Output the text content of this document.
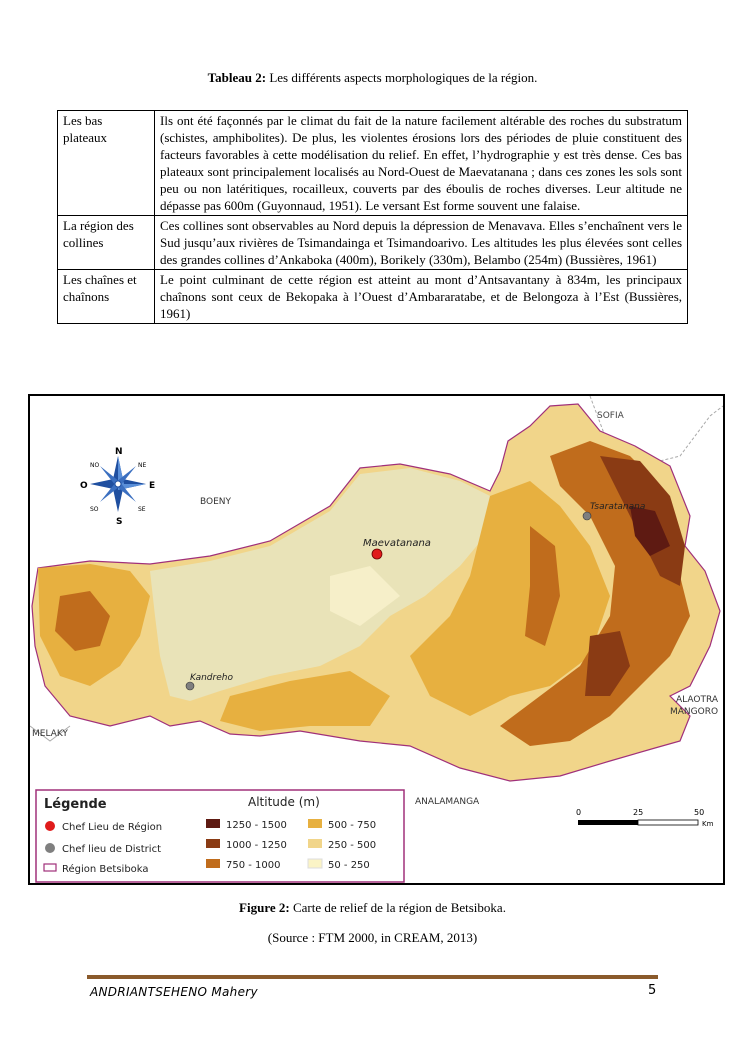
Tableau 2: Les différents aspects morphologiques de la région.
Les bas plateaux	Ils ont été façonnés par le climat du fait de la nature facilement altérable des roches du substratum (schistes, amphibolites). De plus, les violentes érosions lors des périodes de pluie constituent des facteurs favorables à cette modélisation du relief. En effet, l’hydrographie y est très dense. Ces bas plateaux sont principalement localisés au Nord-Ouest de Maevatanana ; dans ces zones les sols sont peu ou non latéritiques, rocailleux, couverts par des éboulis de roches diverses. Leur altitude ne dépasse pas 600m (Guyonnaud, 1951). Le versant Est forme souvent une falaise.
La région des collines	Ces collines sont observables au Nord depuis la dépression de Menavava. Elles s’enchaînent vers le Sud jusqu’aux rivières de Tsimandainga et Tsimandoarivo. Les altitudes les plus élevées sont celles des grandes collines d’Ankaboka (400m), Borikely (330m), Belambo (254m) (Bussières, 1961)
Les chaînes et chaînons	Le point culminant de cette région est atteint au mont d’Antsavantany à 834m, les principaux chaînons sont ceux de Bekopaka à l’Ouest d’Ambararatabe, et de Belongoza à l’Est (Bussières, 1961)
SOFIA
BOENY
MELAKY
ALAOTRA
MANGORO
ANALAMANGA
Maevatanana
Tsaratanana
Kandreho
N
S
E
O
NE
NO
SE
SO
Légende
Chef Lieu de Région
Chef lieu de District
Région Betsiboka
Altitude (m)
1250 - 1500
1000 - 1250
750 - 1000
500 - 750
250 - 500
50 - 250
0	25	50
Km
Figure 2: Carte de relief de la région de Betsiboka.
(Source : FTM 2000, in CREAM, 2013)
ANDRIANTSEHENO Mahery	5
